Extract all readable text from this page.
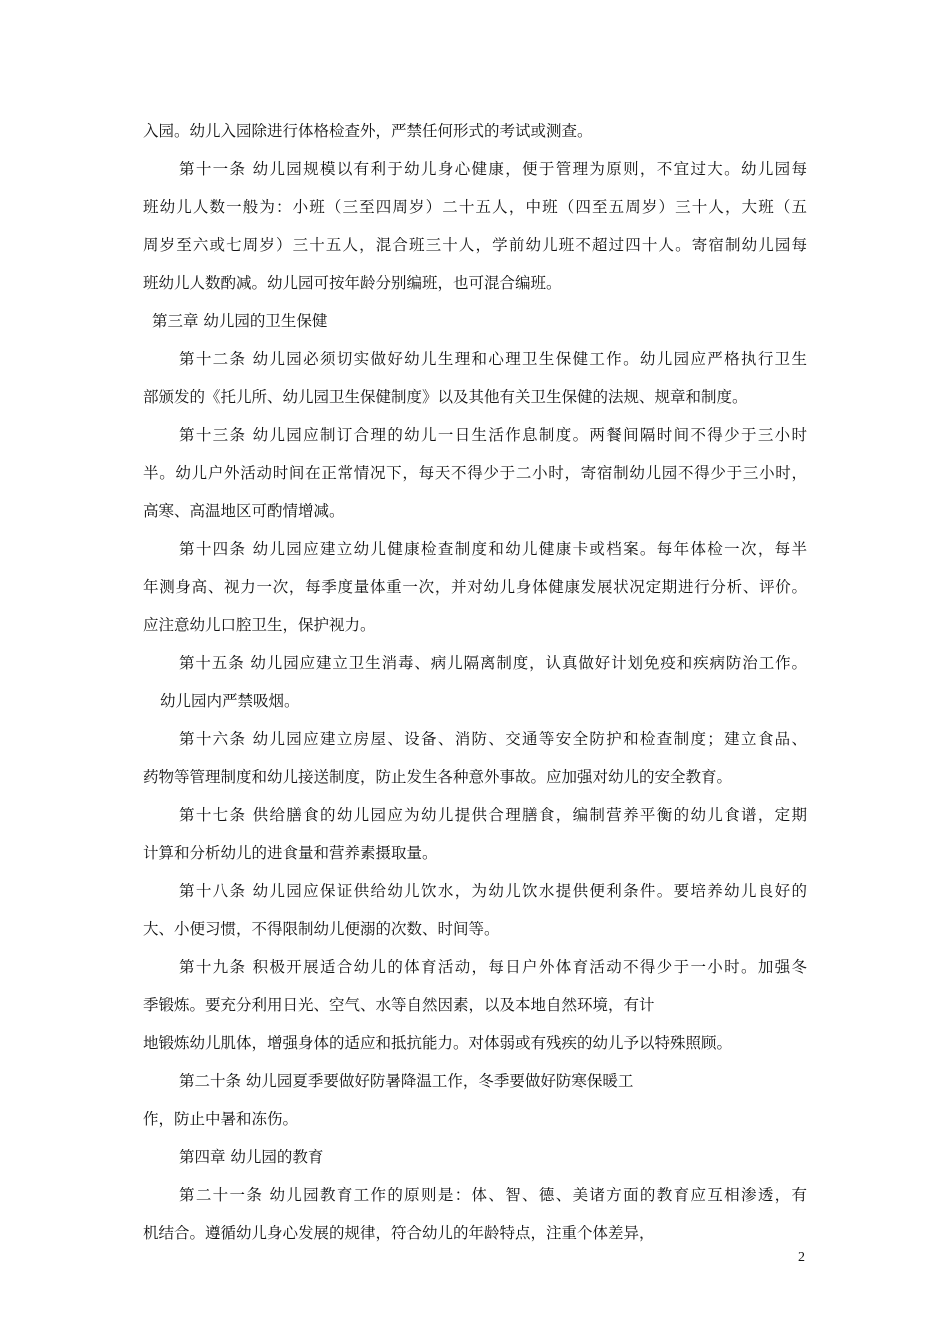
入园。幼儿入园除进行体格检查外，严禁任何形式的考试或测查。
第十一条 幼儿园规模以有利于幼儿身心健康，便于管理为原则，不宜过大。幼儿园每
班幼儿人数一般为：小班（三至四周岁）二十五人，中班（四至五周岁）三十人，大班（五
周岁至六或七周岁）三十五人，混合班三十人，学前幼儿班不超过四十人。寄宿制幼儿园每
班幼儿人数酌减。幼儿园可按年龄分别编班，也可混合编班。
第三章 幼儿园的卫生保健
第十二条 幼儿园必须切实做好幼儿生理和心理卫生保健工作。幼儿园应严格执行卫生
部颁发的《托儿所、幼儿园卫生保健制度》以及其他有关卫生保健的法规、规章和制度。
第十三条 幼儿园应制订合理的幼儿一日生活作息制度。两餐间隔时间不得少于三小时
半。幼儿户外活动时间在正常情况下，每天不得少于二小时，寄宿制幼儿园不得少于三小时，
高寒、高温地区可酌情增减。
第十四条 幼儿园应建立幼儿健康检查制度和幼儿健康卡或档案。每年体检一次，每半
年测身高、视力一次，每季度量体重一次，并对幼儿身体健康发展状况定期进行分析、评价。
应注意幼儿口腔卫生，保护视力。
第十五条 幼儿园应建立卫生消毒、病儿隔离制度，认真做好计划免疫和疾病防治工作。
幼儿园内严禁吸烟。
第十六条 幼儿园应建立房屋、设备、消防、交通等安全防护和检查制度；建立食品、
药物等管理制度和幼儿接送制度，防止发生各种意外事故。应加强对幼儿的安全教育。
第十七条 供给膳食的幼儿园应为幼儿提供合理膳食，编制营养平衡的幼儿食谱，定期
计算和分析幼儿的进食量和营养素摄取量。
第十八条 幼儿园应保证供给幼儿饮水，为幼儿饮水提供便利条件。要培养幼儿良好的
大、小便习惯，不得限制幼儿便溺的次数、时间等。
第十九条 积极开展适合幼儿的体育活动，每日户外体育活动不得少于一小时。加强冬
季锻炼。要充分利用日光、空气、水等自然因素，以及本地自然环境，有计
地锻炼幼儿肌体，增强身体的适应和抵抗能力。对体弱或有残疾的幼儿予以特殊照顾。
第二十条 幼儿园夏季要做好防暑降温工作，冬季要做好防寒保暖工
作，防止中暑和冻伤。
第四章 幼儿园的教育
第二十一条 幼儿园教育工作的原则是：体、智、德、美诸方面的教育应互相渗透，有
机结合。遵循幼儿身心发展的规律，符合幼儿的年龄特点，注重个体差异，
2
